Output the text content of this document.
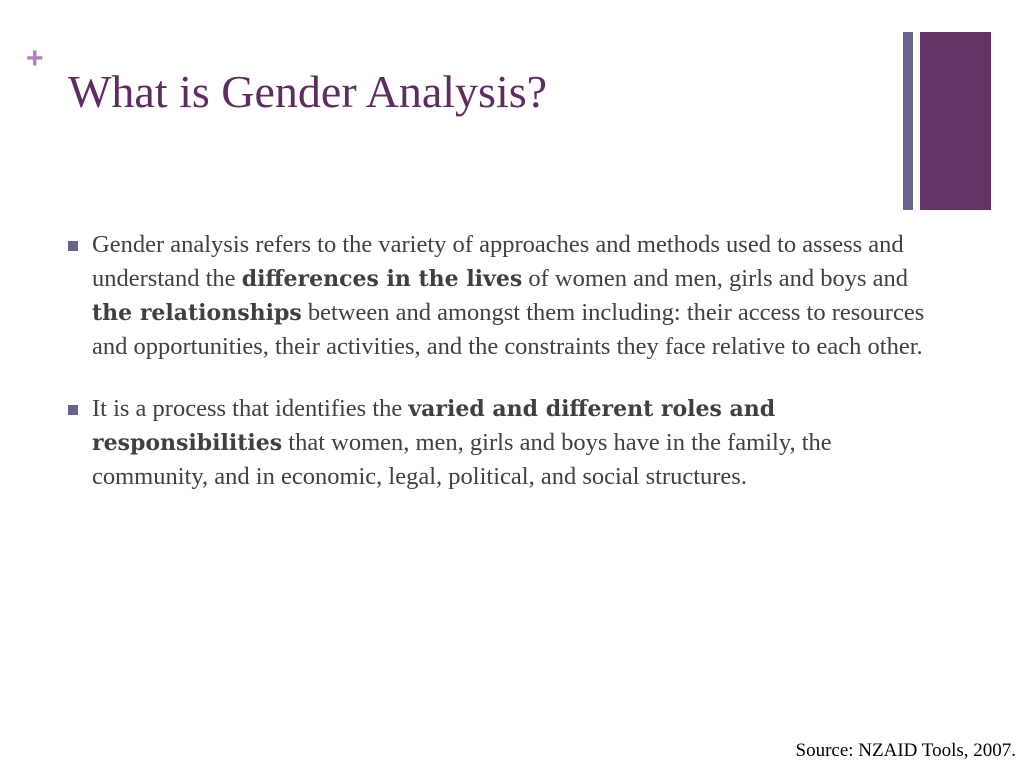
+
What is Gender Analysis?
Gender analysis refers to the variety of approaches and methods used to assess and understand the differences in the lives of women and men, girls and boys and the relationships between and amongst them including: their access to resources and opportunities, their activities, and the constraints they face relative to each other.
It is a process that identifies the varied and different roles and responsibilities that women, men, girls and boys have in the family, the community, and in economic, legal, political, and social structures.
Source: NZAID Tools, 2007.
